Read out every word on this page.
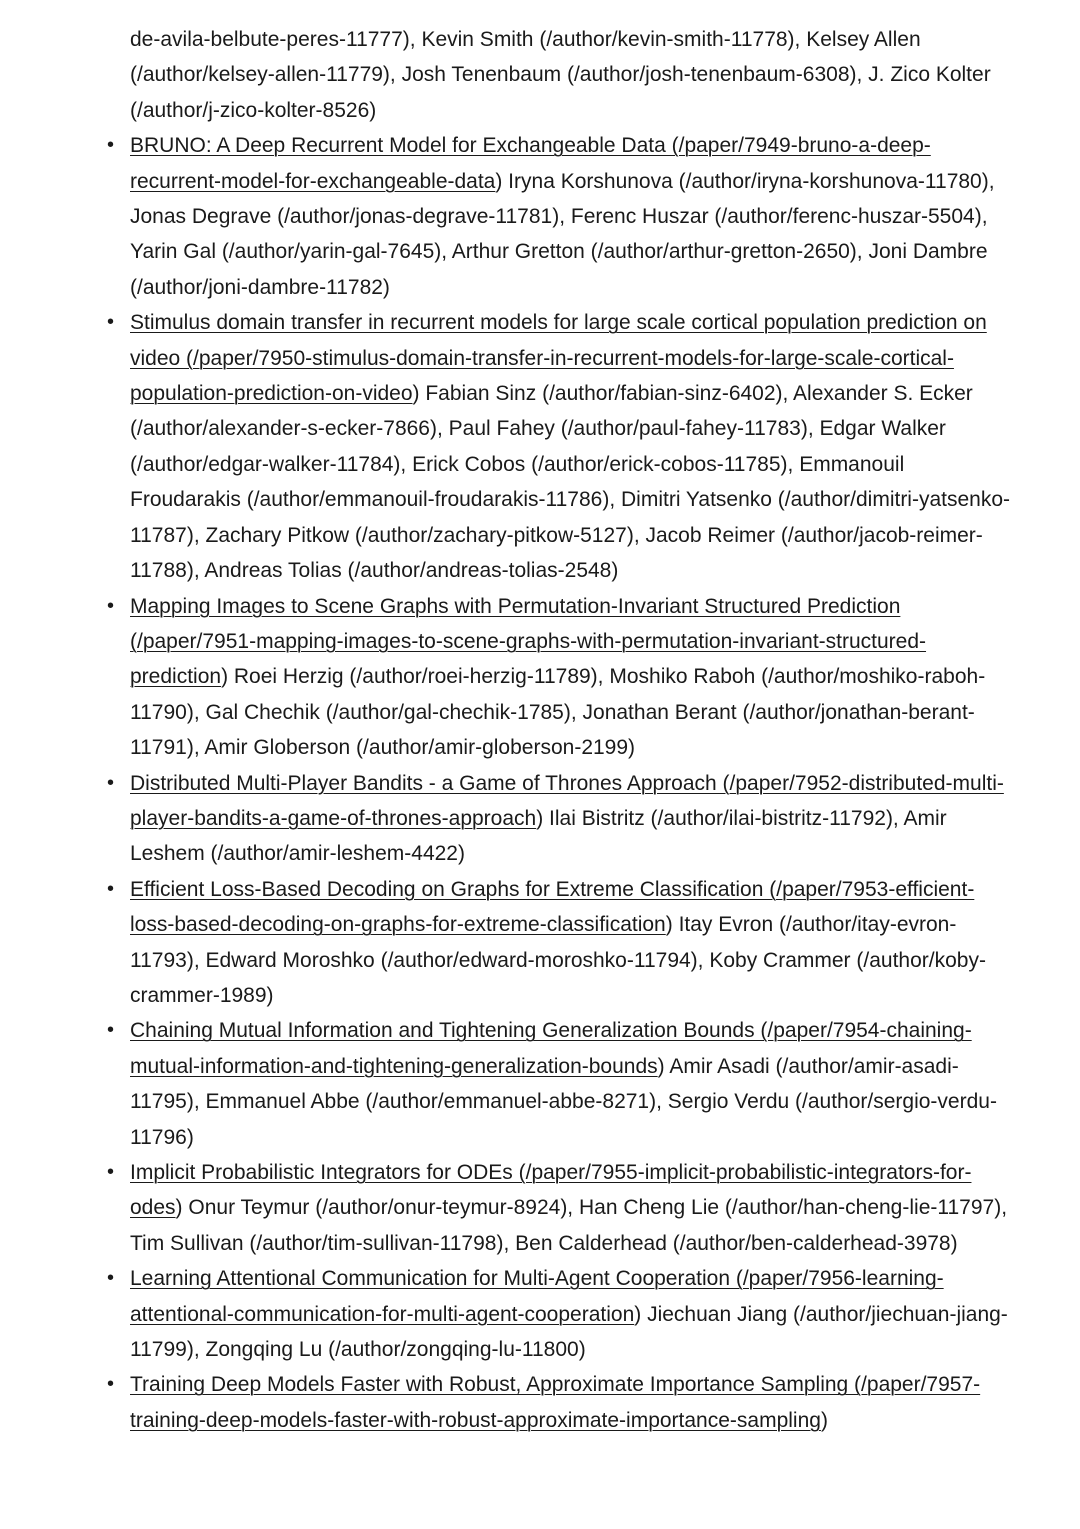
de-avila-belbute-peres-11777), Kevin Smith (/author/kevin-smith-11778), Kelsey Allen (/author/kelsey-allen-11779), Josh Tenenbaum (/author/josh-tenenbaum-6308), J. Zico Kolter (/author/j-zico-kolter-8526)

• BRUNO: A Deep Recurrent Model for Exchangeable Data (/paper/7949-bruno-a-deep-recurrent-model-for-exchangeable-data) Iryna Korshunova (/author/iryna-korshunova-11780), Jonas Degrave (/author/jonas-degrave-11781), Ferenc Huszar (/author/ferenc-huszar-5504), Yarin Gal (/author/yarin-gal-7645), Arthur Gretton (/author/arthur-gretton-2650), Joni Dambre (/author/joni-dambre-11782)
• Stimulus domain transfer in recurrent models for large scale cortical population prediction on video (/paper/7950-stimulus-domain-transfer-in-recurrent-models-for-large-scale-cortical-population-prediction-on-video) Fabian Sinz (/author/fabian-sinz-6402), Alexander S. Ecker (/author/alexander-s-ecker-7866), Paul Fahey (/author/paul-fahey-11783), Edgar Walker (/author/edgar-walker-11784), Erick Cobos (/author/erick-cobos-11785), Emmanouil Froudarakis (/author/emmanouil-froudarakis-11786), Dimitri Yatsenko (/author/dimitri-yatsenko-11787), Zachary Pitkow (/author/zachary-pitkow-5127), Jacob Reimer (/author/jacob-reimer-11788), Andreas Tolias (/author/andreas-tolias-2548)
• Mapping Images to Scene Graphs with Permutation-Invariant Structured Prediction (/paper/7951-mapping-images-to-scene-graphs-with-permutation-invariant-structured-prediction) Roei Herzig (/author/roei-herzig-11789), Moshiko Raboh (/author/moshiko-raboh-11790), Gal Chechik (/author/gal-chechik-1785), Jonathan Berant (/author/jonathan-berant-11791), Amir Globerson (/author/amir-globerson-2199)
• Distributed Multi-Player Bandits - a Game of Thrones Approach (/paper/7952-distributed-multi-player-bandits-a-game-of-thrones-approach) Ilai Bistritz (/author/ilai-bistritz-11792), Amir Leshem (/author/amir-leshem-4422)
• Efficient Loss-Based Decoding on Graphs for Extreme Classification (/paper/7953-efficient-loss-based-decoding-on-graphs-for-extreme-classification) Itay Evron (/author/itay-evron-11793), Edward Moroshko (/author/edward-moroshko-11794), Koby Crammer (/author/koby-crammer-1989)
• Chaining Mutual Information and Tightening Generalization Bounds (/paper/7954-chaining-mutual-information-and-tightening-generalization-bounds) Amir Asadi (/author/amir-asadi-11795), Emmanuel Abbe (/author/emmanuel-abbe-8271), Sergio Verdu (/author/sergio-verdu-11796)
• Implicit Probabilistic Integrators for ODEs (/paper/7955-implicit-probabilistic-integrators-for-odes) Onur Teymur (/author/onur-teymur-8924), Han Cheng Lie (/author/han-cheng-lie-11797), Tim Sullivan (/author/tim-sullivan-11798), Ben Calderhead (/author/ben-calderhead-3978)
• Learning Attentional Communication for Multi-Agent Cooperation (/paper/7956-learning-attentional-communication-for-multi-agent-cooperation) Jiechuan Jiang (/author/jiechuan-jiang-11799), Zongqing Lu (/author/zongqing-lu-11800)
• Training Deep Models Faster with Robust, Approximate Importance Sampling (/paper/7957-training-deep-models-faster-with-robust-approximate-importance-sampling)
